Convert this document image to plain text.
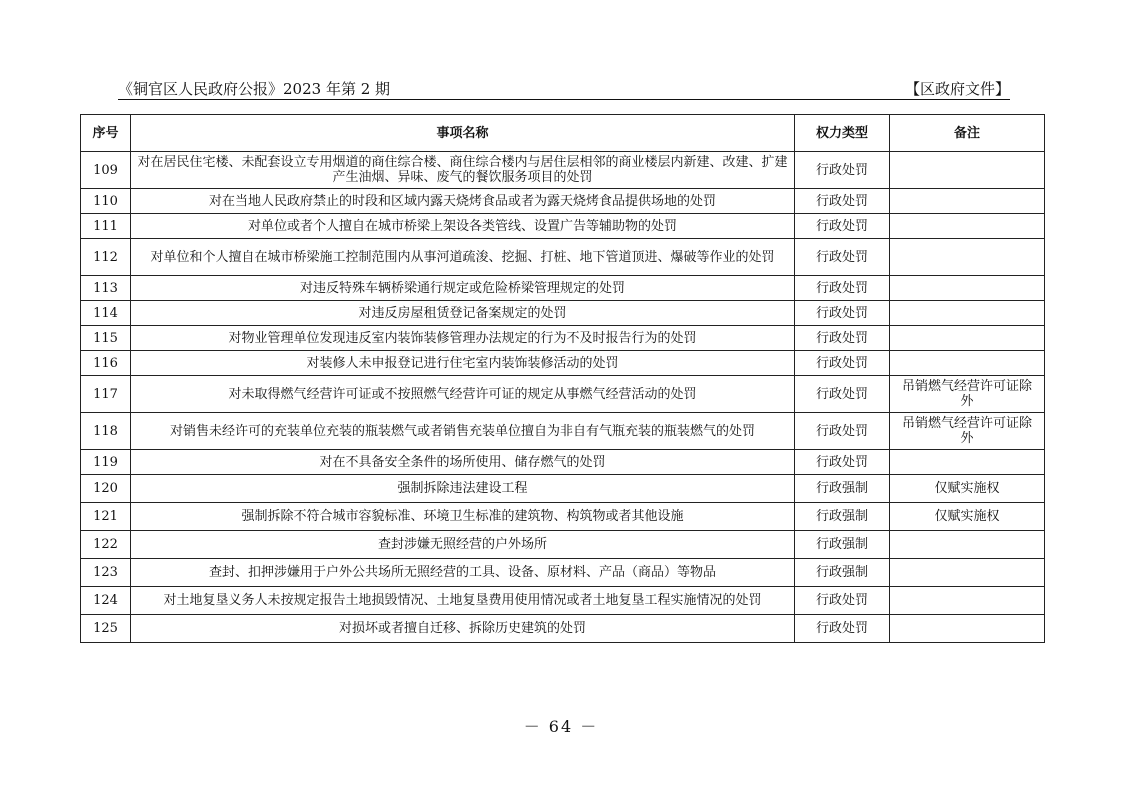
《铜官区人民政府公报》2023 年第 2 期	【区政府文件】
序号	事项名称	权力类型	备注
109	对在居民住宅楼、未配套设立专用烟道的商住综合楼、商住综合楼内与居住层相邻的商业楼层内新建、改建、扩建产生油烟、异味、废气的餐饮服务项目的处罚	行政处罚	
110	对在当地人民政府禁止的时段和区域内露天烧烤食品或者为露天烧烤食品提供场地的处罚	行政处罚	
111	对单位或者个人擅自在城市桥梁上架设各类管线、设置广告等辅助物的处罚	行政处罚	
112	对单位和个人擅自在城市桥梁施工控制范围内从事河道疏浚、挖掘、打桩、地下管道顶进、爆破等作业的处罚	行政处罚	
113	对违反特殊车辆桥梁通行规定或危险桥梁管理规定的处罚	行政处罚	
114	对违反房屋租赁登记备案规定的处罚	行政处罚	
115	对物业管理单位发现违反室内装饰装修管理办法规定的行为不及时报告行为的处罚	行政处罚	
116	对装修人未申报登记进行住宅室内装饰装修活动的处罚	行政处罚	
117	对未取得燃气经营许可证或不按照燃气经营许可证的规定从事燃气经营活动的处罚	行政处罚	吊销燃气经营许可证除外
118	对销售未经许可的充装单位充装的瓶装燃气或者销售充装单位擅自为非自有气瓶充装的瓶装燃气的处罚	行政处罚	吊销燃气经营许可证除外
119	对在不具备安全条件的场所使用、储存燃气的处罚	行政处罚	
120	强制拆除违法建设工程	行政强制	仅赋实施权
121	强制拆除不符合城市容貌标准、环境卫生标准的建筑物、构筑物或者其他设施	行政强制	仅赋实施权
122	查封涉嫌无照经营的户外场所	行政强制	
123	查封、扣押涉嫌用于户外公共场所无照经营的工具、设备、原材料、产品（商品）等物品	行政强制	
124	对土地复垦义务人未按规定报告土地损毁情况、土地复垦费用使用情况或者土地复垦工程实施情况的处罚	行政处罚	
125	对损坏或者擅自迁移、拆除历史建筑的处罚	行政处罚	
－ 64 －
